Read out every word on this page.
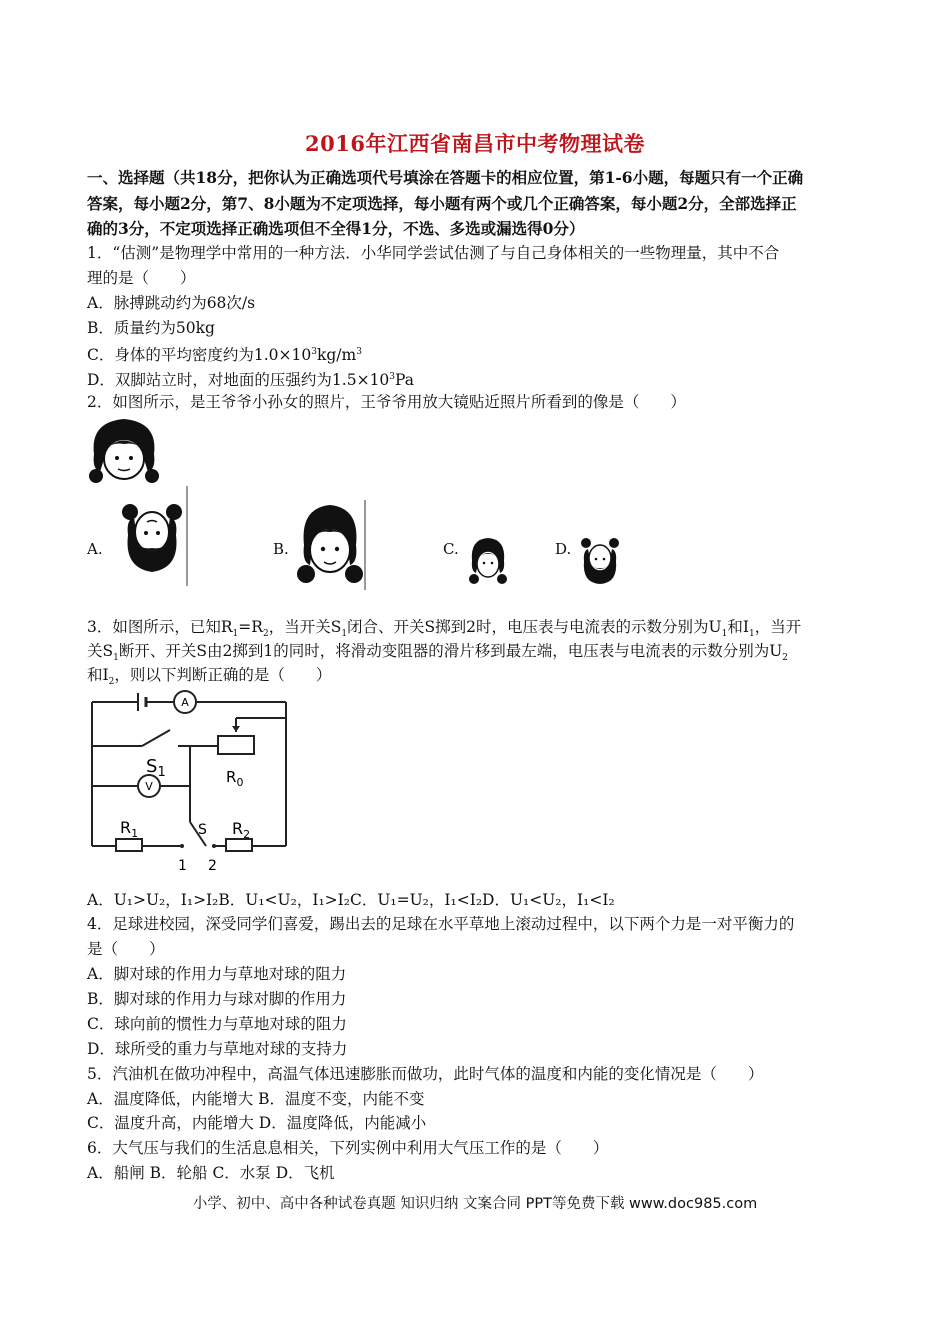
2016年江西省南昌市中考物理试卷
一、选择题（共18分，把你认为正确选项代号填涂在答题卡的相应位置，第1-6小题，每题只有一个正确
答案，每小题2分，第7、8小题为不定项选择，每小题有两个或几个正确答案，每小题2分，全部选择正
确的3分，不定项选择正确选项但不全得1分，不选、多选或漏选得0分）
1．“估测”是物理学中常用的一种方法．小华同学尝试估测了与自己身体相关的一些物理量，其中不合
理的是（　　）
A．脉搏跳动约为68次/s
B．质量约为50kg
C．身体的平均密度约为$1.0\times 10^3kg/m^3$
D．双脚站立时，对地面的压强约为$1.5\times 10^3Pa$
2．如图所示，是王爷爷小孙女的照片，王爷爷用放大镜贴近照片所看到的像是（　　）
A.	B.	C.	D.
3．如图所示，已知$R_1=R_2$，当开关$S_1$闭合、开关S掷到2时，电压表与电流表的示数分别为$U_1$和$I_1$，当开
关$S_1$断开、开关S由2掷到1的同时，将滑动变阻器的滑片移到最左端，电压表与电流表的示数分别为$U_2$
和$I_2$，则以下判断正确的是（　　）
A
V
$S_1$	$R_0$
$R_1$	S $R_2$
1 2
A．U₁>U₂，I₁>I₂B．U₁<U₂，I₁>I₂C．U₁=U₂，I₁<I₂D．U₁<U₂，I₁<I₂
4．足球进校园，深受同学们喜爱，踢出去的足球在水平草地上滚动过程中，以下两个力是一对平衡力的
是（　　）
A．脚对球的作用力与草地对球的阻力
B．脚对球的作用力与球对脚的作用力
C．球向前的惯性力与草地对球的阻力
D．球所受的重力与草地对球的支持力
5．汽油机在做功冲程中，高温气体迅速膨胀而做功，此时气体的温度和内能的变化情况是（　　）
A．温度降低，内能增大 B．温度不变，内能不变
C．温度升高，内能增大 D．温度降低，内能减小
6．大气压与我们的生活息息相关，下列实例中利用大气压工作的是（　　）
A．船闸 B．轮船 C．水泵 D．飞机
小学、初中、高中各种试卷真题 知识归纳 文案合同 PPT等免费下载 www.doc985.com
